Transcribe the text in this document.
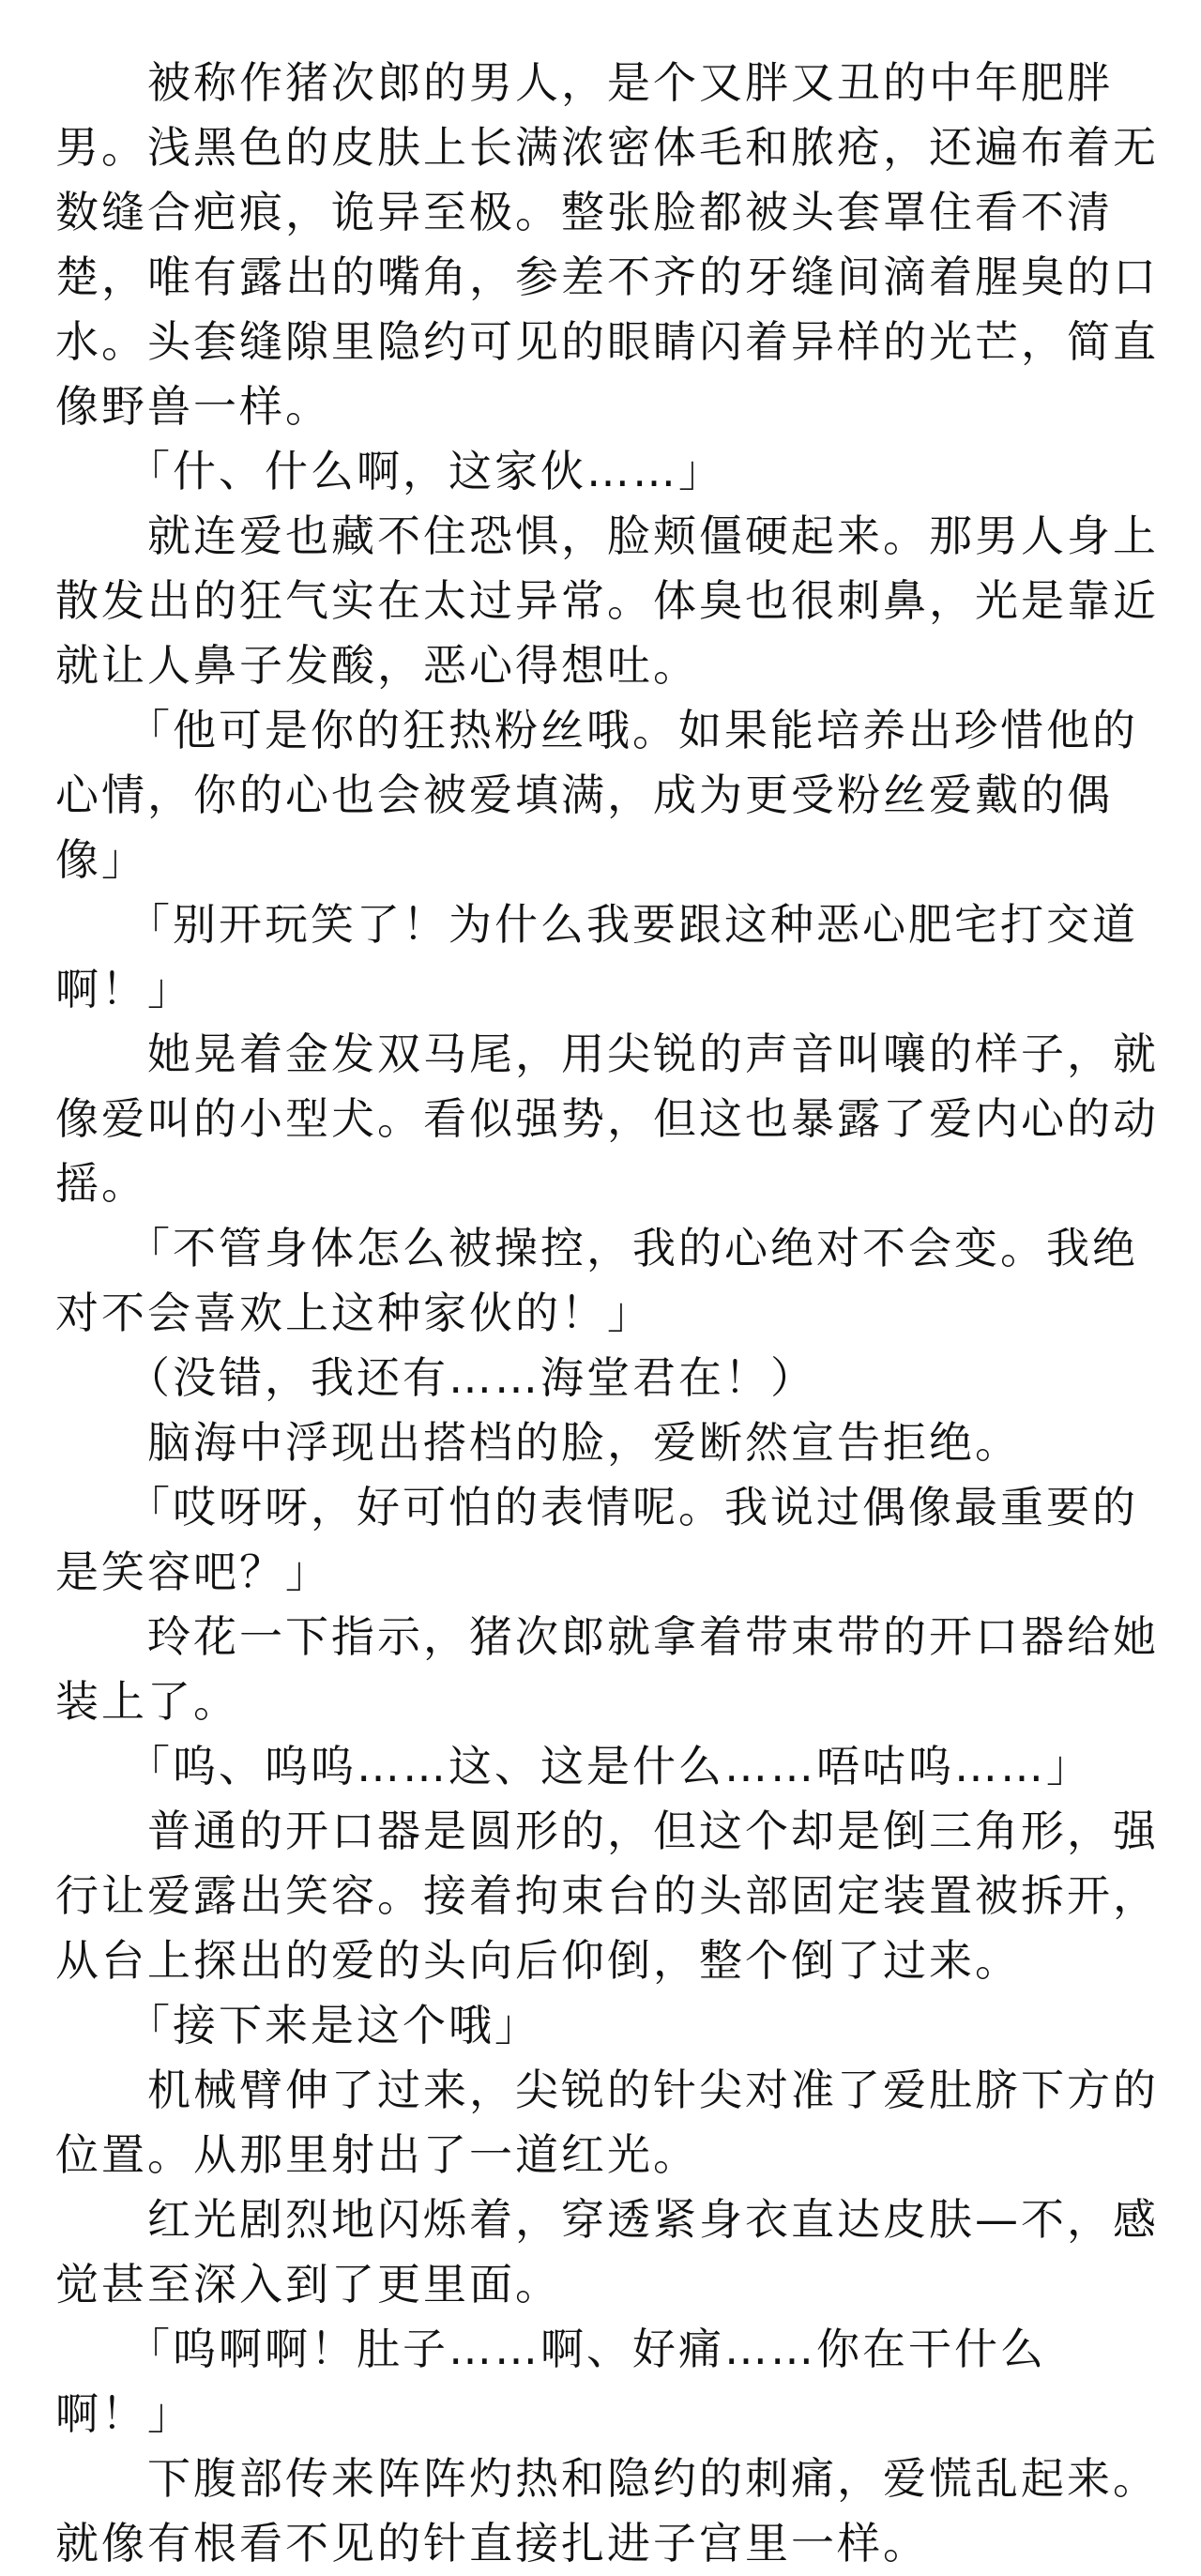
被称作猪次郎的男人，是个又胖又丑的中年肥胖男。浅黑色的皮肤上长满浓密体毛和脓疮，还遍布着无数缝合疤痕，诡异至极。整张脸都被头套罩住看不清楚，唯有露出的嘴角，参差不齐的牙缝间滴着腥臭的口水。头套缝隙里隐约可见的眼睛闪着异样的光芒，简直像野兽一样。

「什、什么啊，这家伙……」

就连爱也藏不住恐惧，脸颊僵硬起来。那男人身上散发出的狂气实在太过异常。体臭也很刺鼻，光是靠近就让人鼻子发酸，恶心得想吐。

「他可是你的狂热粉丝哦。如果能培养出珍惜他的心情，你的心也会被爱填满，成为更受粉丝爱戴的偶像」

「别开玩笑了！为什么我要跟这种恶心肥宅打交道啊！」

她晃着金发双马尾，用尖锐的声音叫嚷的样子，就像爱叫的小型犬。看似强势，但这也暴露了爱内心的动摇。

「不管身体怎么被操控，我的心绝对不会变。我绝对不会喜欢上这种家伙的！」

（没错，我还有……海堂君在！）

脑海中浮现出搭档的脸，爱断然宣告拒绝。

「哎呀呀，好可怕的表情呢。我说过偶像最重要的是笑容吧？」

玲花一下指示，猪次郎就拿着带束带的开口器给她装上了。

「呜、呜呜……这、这是什么……唔咕呜……」

普通的开口器是圆形的，但这个却是倒三角形，强行让爱露出笑容。接着拘束台的头部固定装置被拆开，从台上探出的爱的头向后仰倒，整个倒了过来。

「接下来是这个哦」

机械臂伸了过来，尖锐的针尖对准了爱肚脐下方的位置。从那里射出了一道红光。

红光剧烈地闪烁着，穿透紧身衣直达皮肤—不，感觉甚至深入到了更里面。

「呜啊啊！肚子……啊、好痛……你在干什么啊！」

下腹部传来阵阵灼热和隐约的刺痛，爱慌乱起来。就像有根看不见的针直接扎进子宫里一样。
